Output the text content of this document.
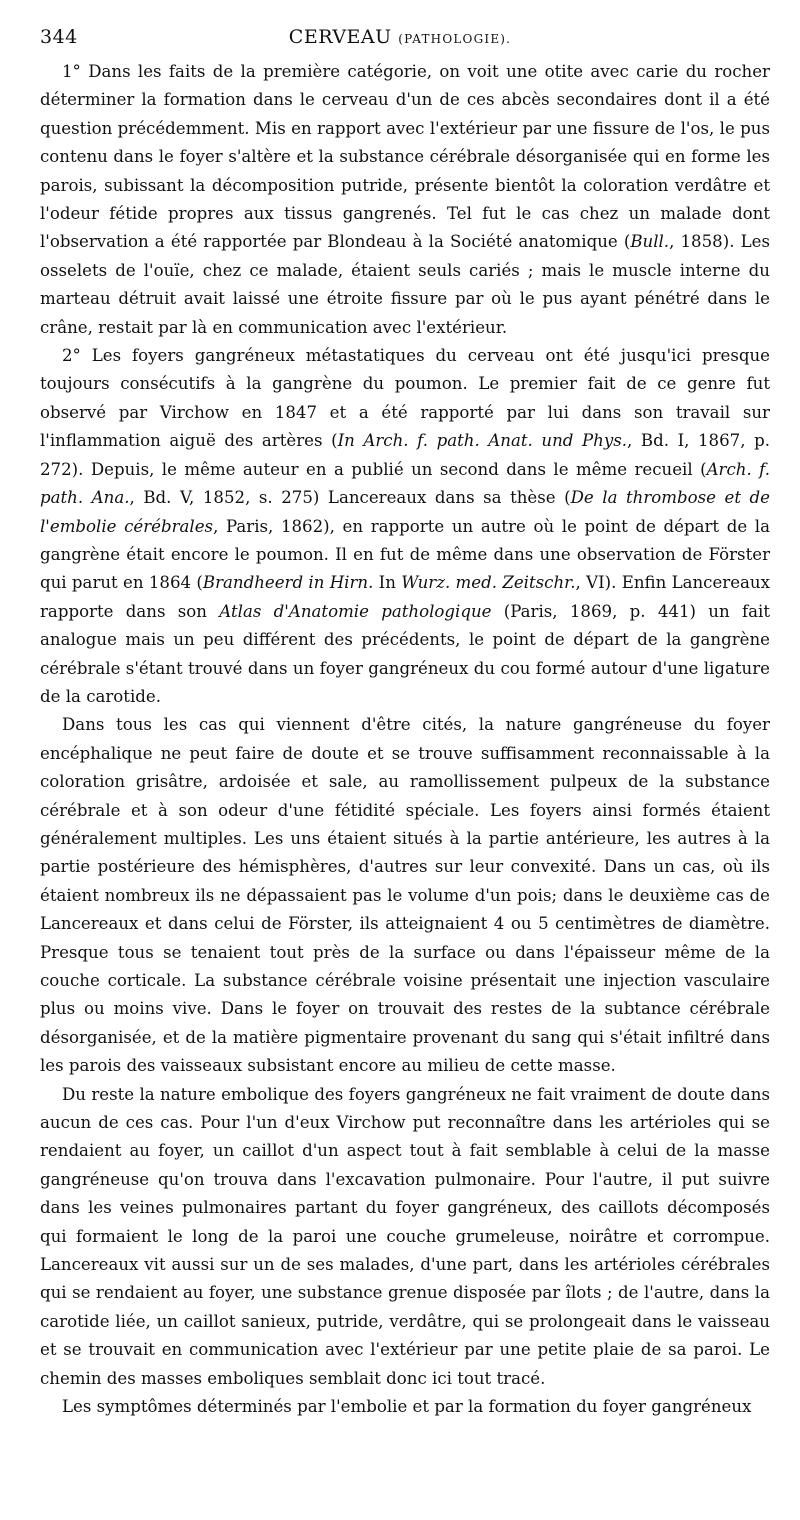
344	CERVEAU (PATHOLOGIE).

1° Dans les faits de la première catégorie, on voit une otite avec carie du rocher déterminer la formation dans le cerveau d'un de ces abcès secondaires dont il a été question précédemment. Mis en rapport avec l'extérieur par une fissure de l'os, le pus contenu dans le foyer s'altère et la substance cérébrale désorganisée qui en forme les parois, subissant la décomposition putride, présente bientôt la coloration verdâtre et l'odeur fétide propres aux tissus gangrenés. Tel fut le cas chez un malade dont l'observation a été rapportée par Blondeau à la Société anatomique (Bull., 1858). Les osselets de l'ouïe, chez ce malade, étaient seuls cariés ; mais le muscle interne du marteau détruit avait laissé une étroite fissure par où le pus ayant pénétré dans le crâne, restait par là en communication avec l'extérieur.

2° Les foyers gangréneux métastatiques du cerveau ont été jusqu'ici presque toujours consécutifs à la gangrène du poumon. Le premier fait de ce genre fut observé par Virchow en 1847 et a été rapporté par lui dans son travail sur l'inflammation aiguë des artères (In Arch. f. path. Anat. und Phys., Bd. I, 1867, p. 272). Depuis, le même auteur en a publié un second dans le même recueil (Arch. f. path. Ana., Bd. V, 1852, s. 275) Lancereaux dans sa thèse (De la thrombose et de l'embolie cérébrales, Paris, 1862), en rapporte un autre où le point de départ de la gangrène était encore le poumon. Il en fut de même dans une observation de Förster qui parut en 1864 (Brandheerd in Hirn. In Wurz. med. Zeitschr., VI). Enfin Lancereaux rapporte dans son Atlas d'Anatomie pathologique (Paris, 1869, p. 441) un fait analogue mais un peu différent des précédents, le point de départ de la gangrène cérébrale s'étant trouvé dans un foyer gangréneux du cou formé autour d'une ligature de la carotide.

Dans tous les cas qui viennent d'être cités, la nature gangréneuse du foyer encéphalique ne peut faire de doute et se trouve suffisamment reconnaissable à la coloration grisâtre, ardoisée et sale, au ramollissement pulpeux de la substance cérébrale et à son odeur d'une fétidité spéciale. Les foyers ainsi formés étaient généralement multiples. Les uns étaient situés à la partie antérieure, les autres à la partie postérieure des hémisphères, d'autres sur leur convexité. Dans un cas, où ils étaient nombreux ils ne dépassaient pas le volume d'un pois; dans le deuxième cas de Lancereaux et dans celui de Förster, ils atteignaient 4 ou 5 centimètres de diamètre. Presque tous se tenaient tout près de la surface ou dans l'épaisseur même de la couche corticale. La substance cérébrale voisine présentait une injection vasculaire plus ou moins vive. Dans le foyer on trouvait des restes de la subtance cérébrale désorganisée, et de la matière pigmentaire provenant du sang qui s'était infiltré dans les parois des vaisseaux subsistant encore au milieu de cette masse.

Du reste la nature embolique des foyers gangréneux ne fait vraiment de doute dans aucun de ces cas. Pour l'un d'eux Virchow put reconnaître dans les artérioles qui se rendaient au foyer, un caillot d'un aspect tout à fait semblable à celui de la masse gangréneuse qu'on trouva dans l'excavation pulmonaire. Pour l'autre, il put suivre dans les veines pulmonaires partant du foyer gangréneux, des caillots décomposés qui formaient le long de la paroi une couche grumeleuse, noirâtre et corrompue. Lancereaux vit aussi sur un de ses malades, d'une part, dans les artérioles cérébrales qui se rendaient au foyer, une substance grenue disposée par îlots ; de l'autre, dans la carotide liée, un caillot sanieux, putride, verdâtre, qui se prolongeait dans le vaisseau et se trouvait en communication avec l'extérieur par une petite plaie de sa paroi. Le chemin des masses emboliques semblait donc ici tout tracé.

Les symptômes déterminés par l'embolie et par la formation du foyer gangréneux
